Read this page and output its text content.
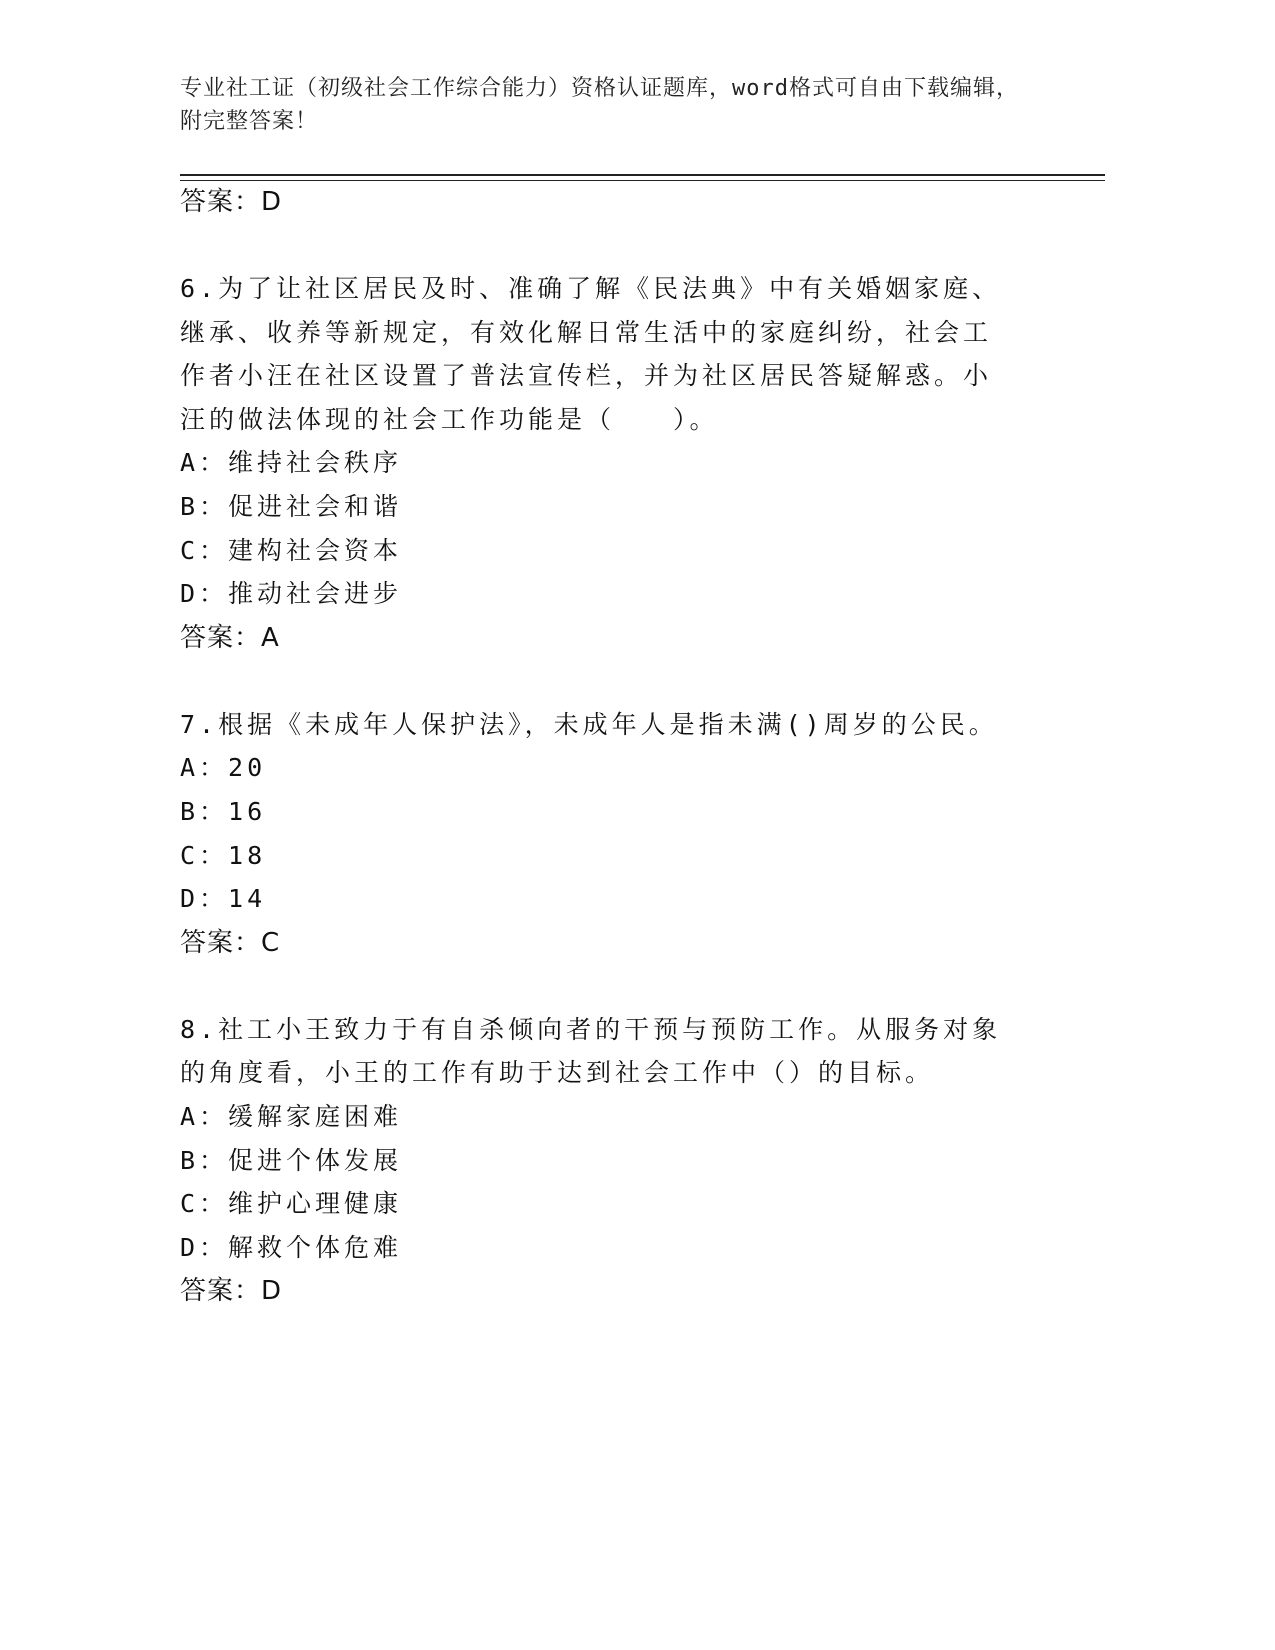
专业社工证（初级社会工作综合能力）资格认证题库，word格式可自由下载编辑，附完整答案！
答案：D
6.为了让社区居民及时、准确了解《民法典》中有关婚姻家庭、继承、收养等新规定，有效化解日常生活中的家庭纠纷，社会工作者小汪在社区设置了普法宣传栏，并为社区居民答疑解惑。小汪的做法体现的社会工作功能是（　　）。
A：维持社会秩序
B：促进社会和谐
C：建构社会资本
D：推动社会进步
答案：A
7.根据《未成年人保护法》，未成年人是指未满()周岁的公民。
A：20
B：16
C：18
D：14
答案：C
8.社工小王致力于有自杀倾向者的干预与预防工作。从服务对象的角度看，小王的工作有助于达到社会工作中（）的目标。
A：缓解家庭困难
B：促进个体发展
C：维护心理健康
D：解救个体危难
答案：D
